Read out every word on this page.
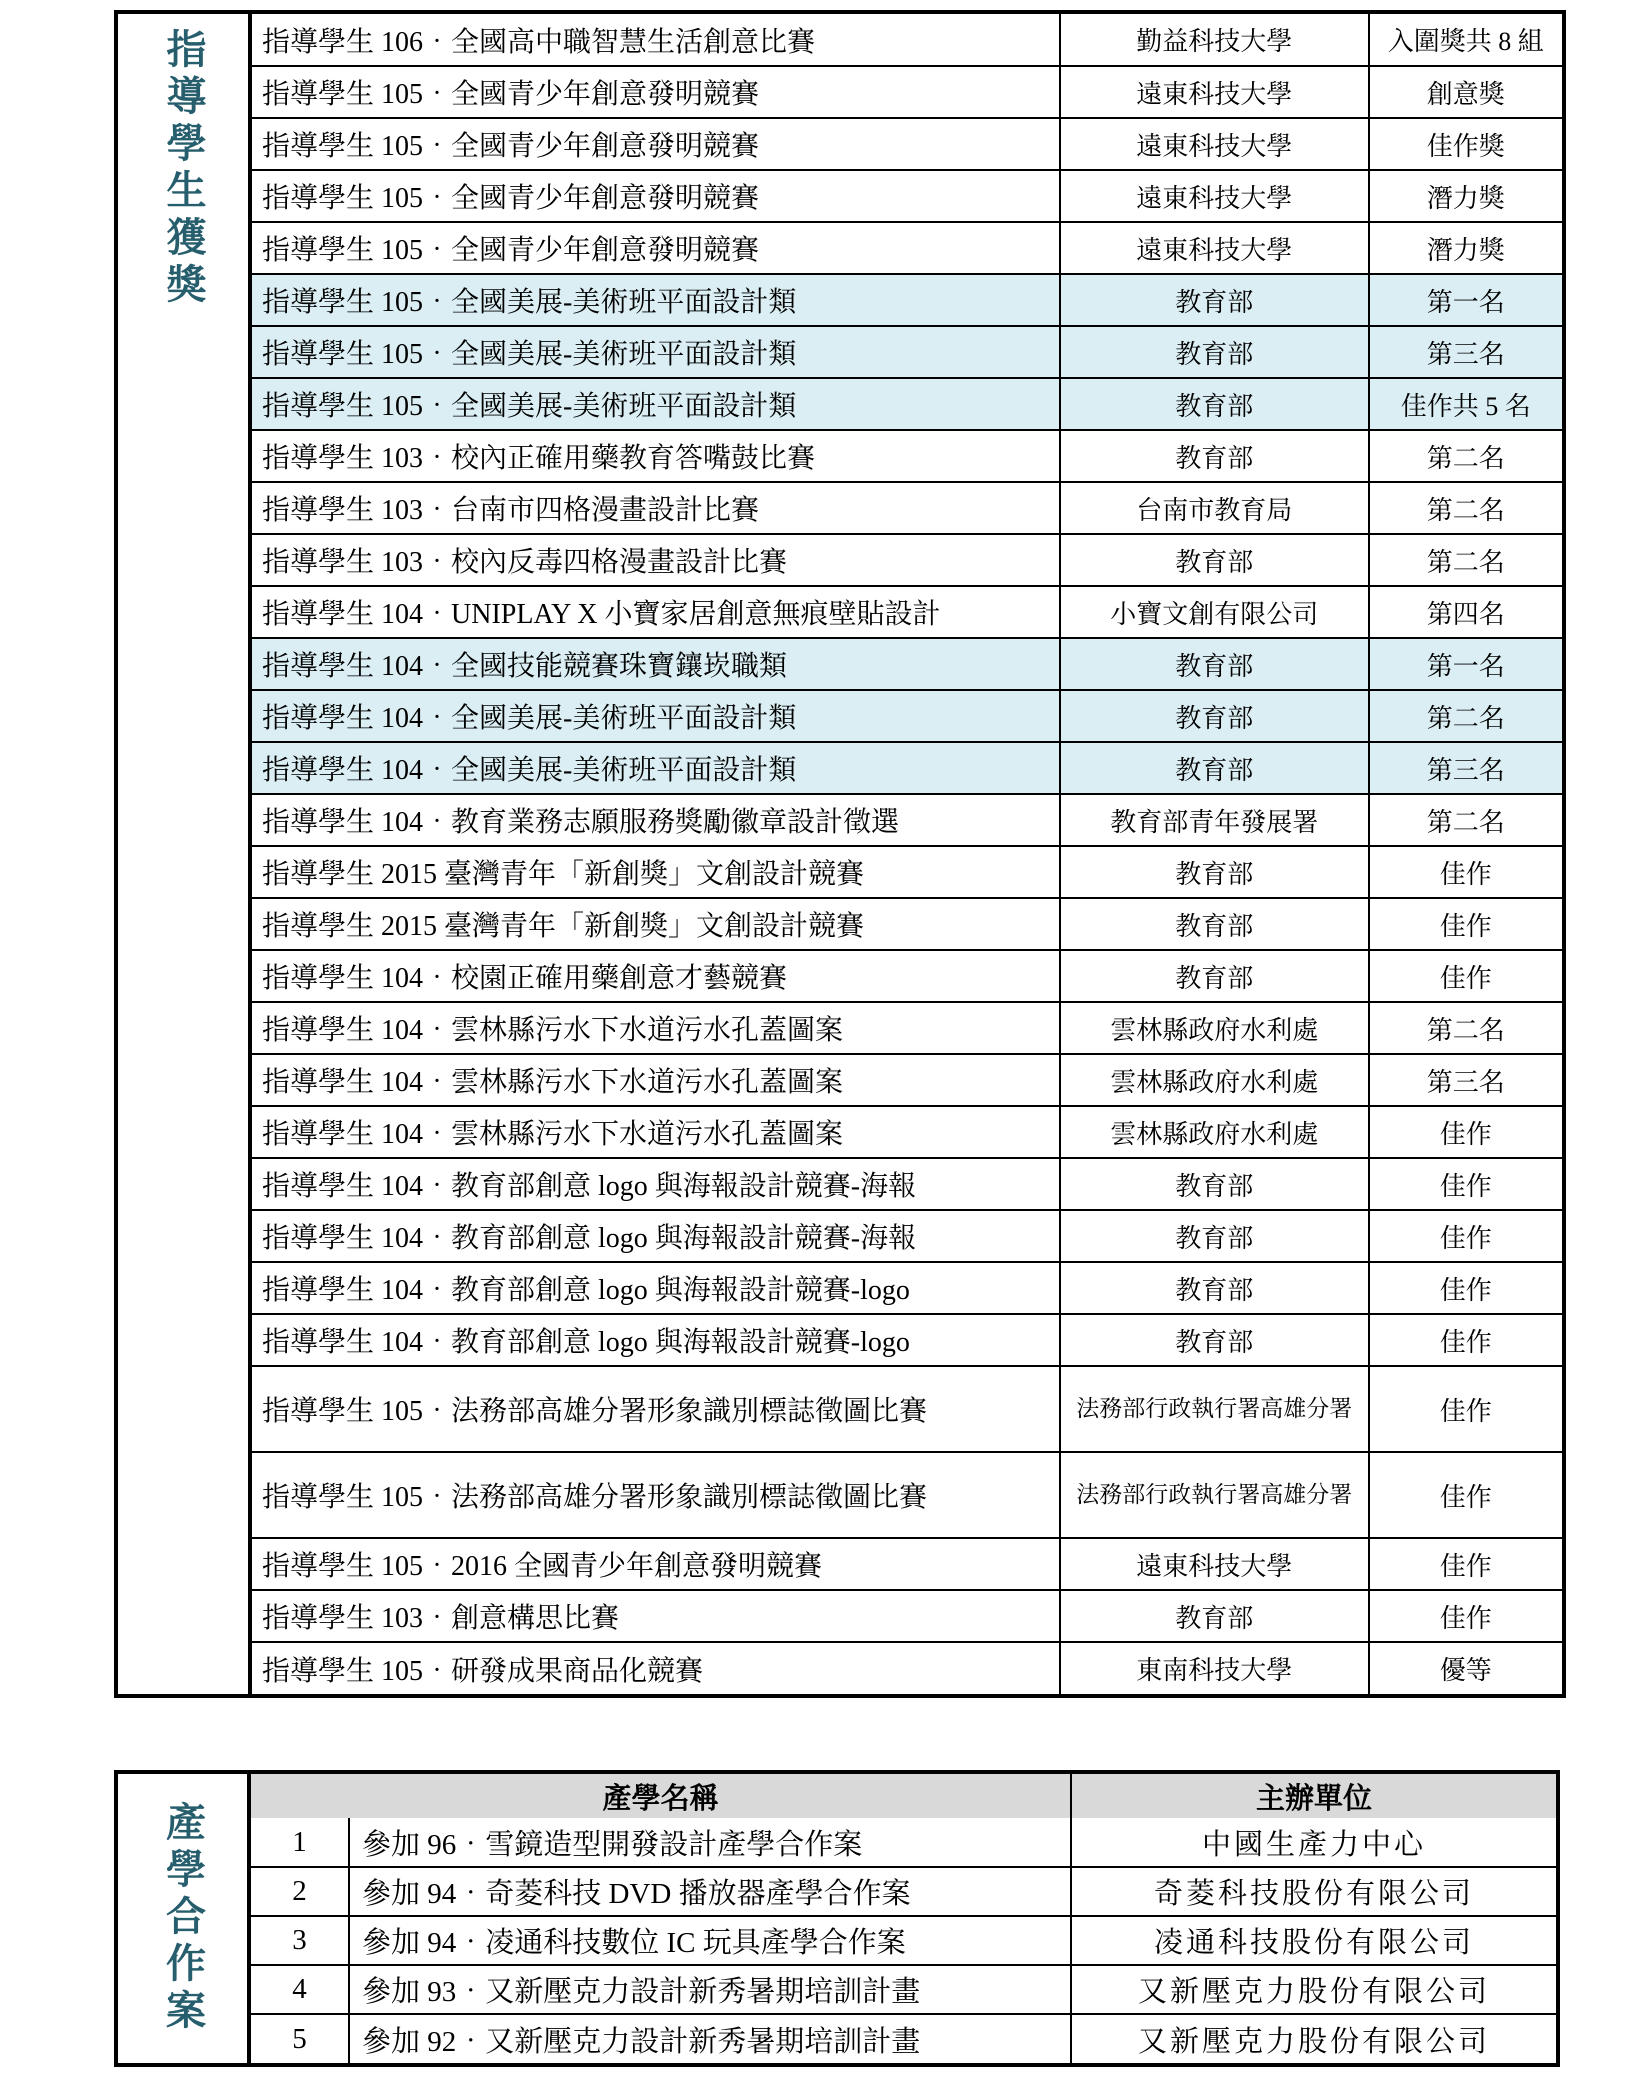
指導學生獲獎 指導學生 106‧全國高中職智慧生活創意比賽	勤益科技大學	入圍獎共 8 組
指導學生 105‧全國青少年創意發明競賽	遠東科技大學	創意獎
指導學生 105‧全國青少年創意發明競賽	遠東科技大學	佳作獎
指導學生 105‧全國青少年創意發明競賽	遠東科技大學	潛力獎
指導學生 105‧全國青少年創意發明競賽	遠東科技大學	潛力獎
指導學生 105‧全國美展-美術班平面設計類	教育部	第一名
指導學生 105‧全國美展-美術班平面設計類	教育部	第三名
指導學生 105‧全國美展-美術班平面設計類	教育部	佳作共 5 名
指導學生 103‧校內正確用藥教育答嘴鼓比賽	教育部	第二名
指導學生 103‧台南市四格漫畫設計比賽	台南市教育局	第二名
指導學生 103‧校內反毒四格漫畫設計比賽	教育部	第二名
指導學生 104‧UNIPLAY X 小寶家居創意無痕壁貼設計	小寶文創有限公司	第四名
指導學生 104‧全國技能競賽珠寶鑲崁職類	教育部	第一名
指導學生 104‧全國美展-美術班平面設計類	教育部	第二名
指導學生 104‧全國美展-美術班平面設計類	教育部	第三名
指導學生 104‧教育業務志願服務獎勵徽章設計徵選	教育部青年發展署	第二名
指導學生 2015 臺灣青年「新創獎」文創設計競賽	教育部	佳作
指導學生 2015 臺灣青年「新創獎」文創設計競賽	教育部	佳作
指導學生 104‧校園正確用藥創意才藝競賽	教育部	佳作
指導學生 104‧雲林縣污水下水道污水孔蓋圖案	雲林縣政府水利處	第二名
指導學生 104‧雲林縣污水下水道污水孔蓋圖案	雲林縣政府水利處	第三名
指導學生 104‧雲林縣污水下水道污水孔蓋圖案	雲林縣政府水利處	佳作
指導學生 104‧教育部創意 logo 與海報設計競賽-海報	教育部	佳作
指導學生 104‧教育部創意 logo 與海報設計競賽-海報	教育部	佳作
指導學生 104‧教育部創意 logo 與海報設計競賽-logo	教育部	佳作
指導學生 104‧教育部創意 logo 與海報設計競賽-logo	教育部	佳作
指導學生 105‧法務部高雄分署形象識別標誌徵圖比賽	法務部行政執行署高雄分署	佳作
指導學生 105‧法務部高雄分署形象識別標誌徵圖比賽	法務部行政執行署高雄分署	佳作
指導學生 105‧2016 全國青少年創意發明競賽	遠東科技大學	佳作
指導學生 103‧創意構思比賽	教育部	佳作
指導學生 105‧研發成果商品化競賽	東南科技大學	優等
產學合作案
產學名稱		主辦單位
1	參加 96‧雪鏡造型開發設計產學合作案	中國生產力中心
2	參加 94‧奇菱科技 DVD 播放器產學合作案	奇菱科技股份有限公司
3	參加 94‧凌通科技數位 IC 玩具產學合作案	凌通科技股份有限公司
4	參加 93‧又新壓克力設計新秀暑期培訓計畫	又新壓克力股份有限公司
5	參加 92‧又新壓克力設計新秀暑期培訓計畫	又新壓克力股份有限公司
